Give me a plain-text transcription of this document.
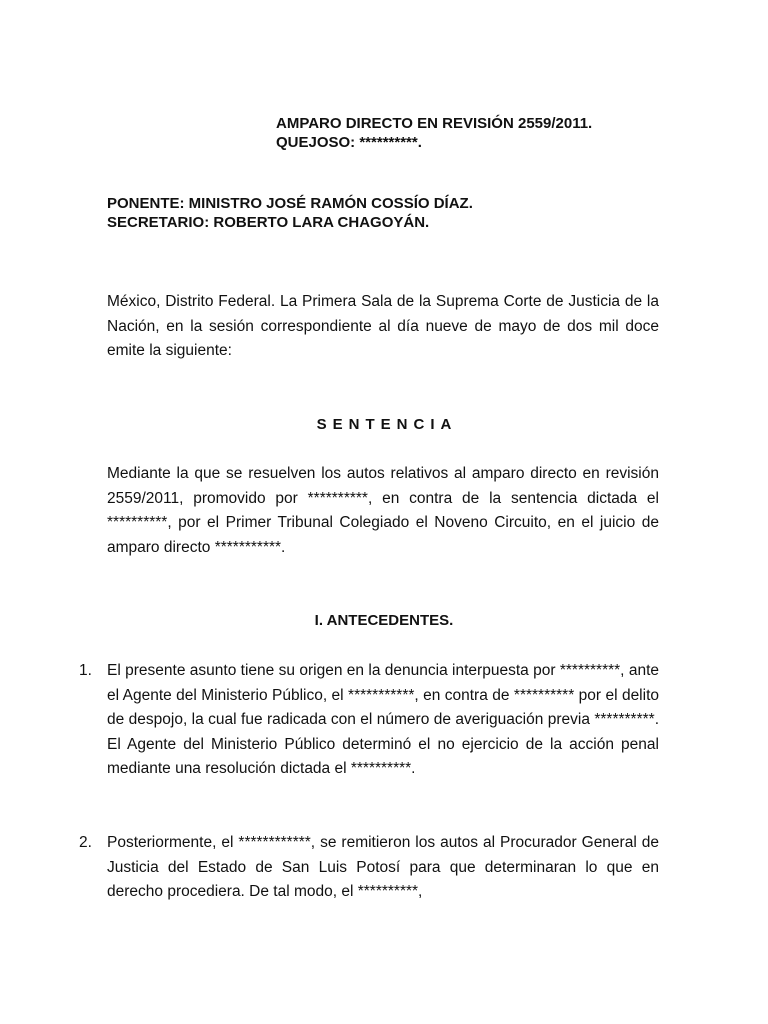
AMPARO DIRECTO EN REVISIÓN 2559/2011.
QUEJOSO: **********.
PONENTE: MINISTRO JOSÉ RAMÓN COSSÍO DÍAZ.
SECRETARIO: ROBERTO LARA CHAGOYÁN.

México, Distrito Federal. La Primera Sala de la Suprema Corte de Justicia de la Nación, en la sesión correspondiente al día nueve de mayo de dos mil doce emite la siguiente:

SENTENCIA

Mediante la que se resuelven los autos relativos al amparo directo en revisión 2559/2011, promovido por **********, en contra de la sentencia dictada el **********, por el Primer Tribunal Colegiado el Noveno Circuito, en el juicio de amparo directo ***********.

I. ANTECEDENTES.
1. El presente asunto tiene su origen en la denuncia interpuesta por **********, ante el Agente del Ministerio Público, el ***********, en contra de ********** por el delito de despojo, la cual fue radicada con el número de averiguación previa **********. El Agente del Ministerio Público determinó el no ejercicio de la acción penal mediante una resolución dictada el **********.

2. Posteriormente, el ************, se remitieron los autos al Procurador General de Justicia del Estado de San Luis Potosí para que determinaran lo que en derecho procediera. De tal modo, el **********,
